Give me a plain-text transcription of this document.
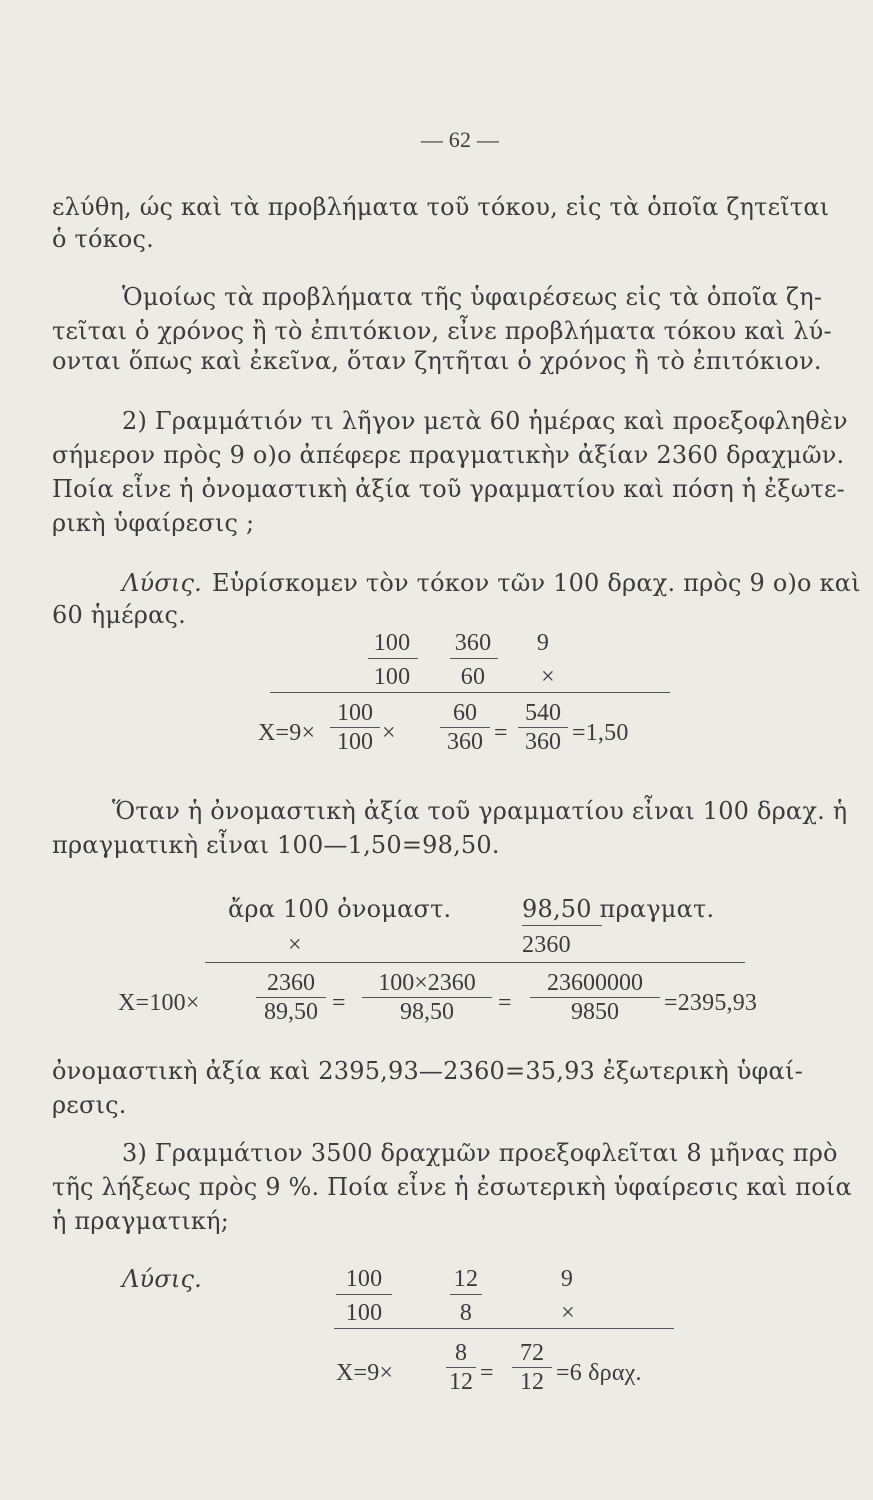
— 62 —
ελύθη, ώς καὶ τὰ προβλήματα τοῦ τόκου, εἰς τὰ ὁποῖα ζητεῖται
ὁ τόκος.
Ὁμοίως τὰ προβλήματα τῆς ὑφαιρέσεως εἰς τὰ ὁποῖα ζη-
τεῖται ὁ χρόνος ἢ τὸ ἐπιτόκιον, εἶνε προβλήματα τόκου καὶ λύ-
ονται ὅπως καὶ ἐκεῖνα, ὅταν ζητῆται ὁ χρόνος ἢ τὸ ἐπιτόκιον.
2) Γραμμάτιόν τι λῆγον μετὰ 60 ἡμέρας καὶ προεξοφληθὲν
σήμερον πρὸς 9 ο)ο ἀπέφερε πραγματικὴν ἀξίαν 2360 δραχμῶν.
Ποία εἶνε ἡ ὀνομαστικὴ ἀξία τοῦ γραμματίου καὶ πόση ἡ ἐξωτε-
ρικὴ ὑφαίρεσις ;
Λύσις. Εὑρίσκομεν τὸν τόκον τῶν 100 δραχ. πρὸς 9 ο)ο καὶ
60 ἡμέρας.
100	360	9
100	60	×
X=9×
100
100 ×
60
360 =
540
360 =1,50
Ὅταν ἡ ὀνομαστικὴ ἀξία τοῦ γραμματίου εἶναι 100 δραχ. ἡ
πραγματικὴ εἶναι 100—1,50=98,50.
ἄρα 100 ὀνομαστ.	98,50 πραγματ.
×	2360
X=100×
2360
89,50 =
100×2360
98,50 =
23600000
9850 =2395,93
ὀνομαστικὴ ἀξία καὶ 2395,93—2360=35,93 ἐξωτερικὴ ὑφαί-
ρεσις.
3) Γραμμάτιον 3500 δραχμῶν προεξοφλεῖται 8 μῆνας πρὸ
τῆς λήξεως πρὸς 9 %. Ποία εἶνε ἡ ἐσωτερικὴ ὑφαίρεσις καὶ ποία
ἡ πραγματική;
Λύσις.	100	12	9
100	8	×
X=9×
8
12 =
72
12 =6 δραχ.
